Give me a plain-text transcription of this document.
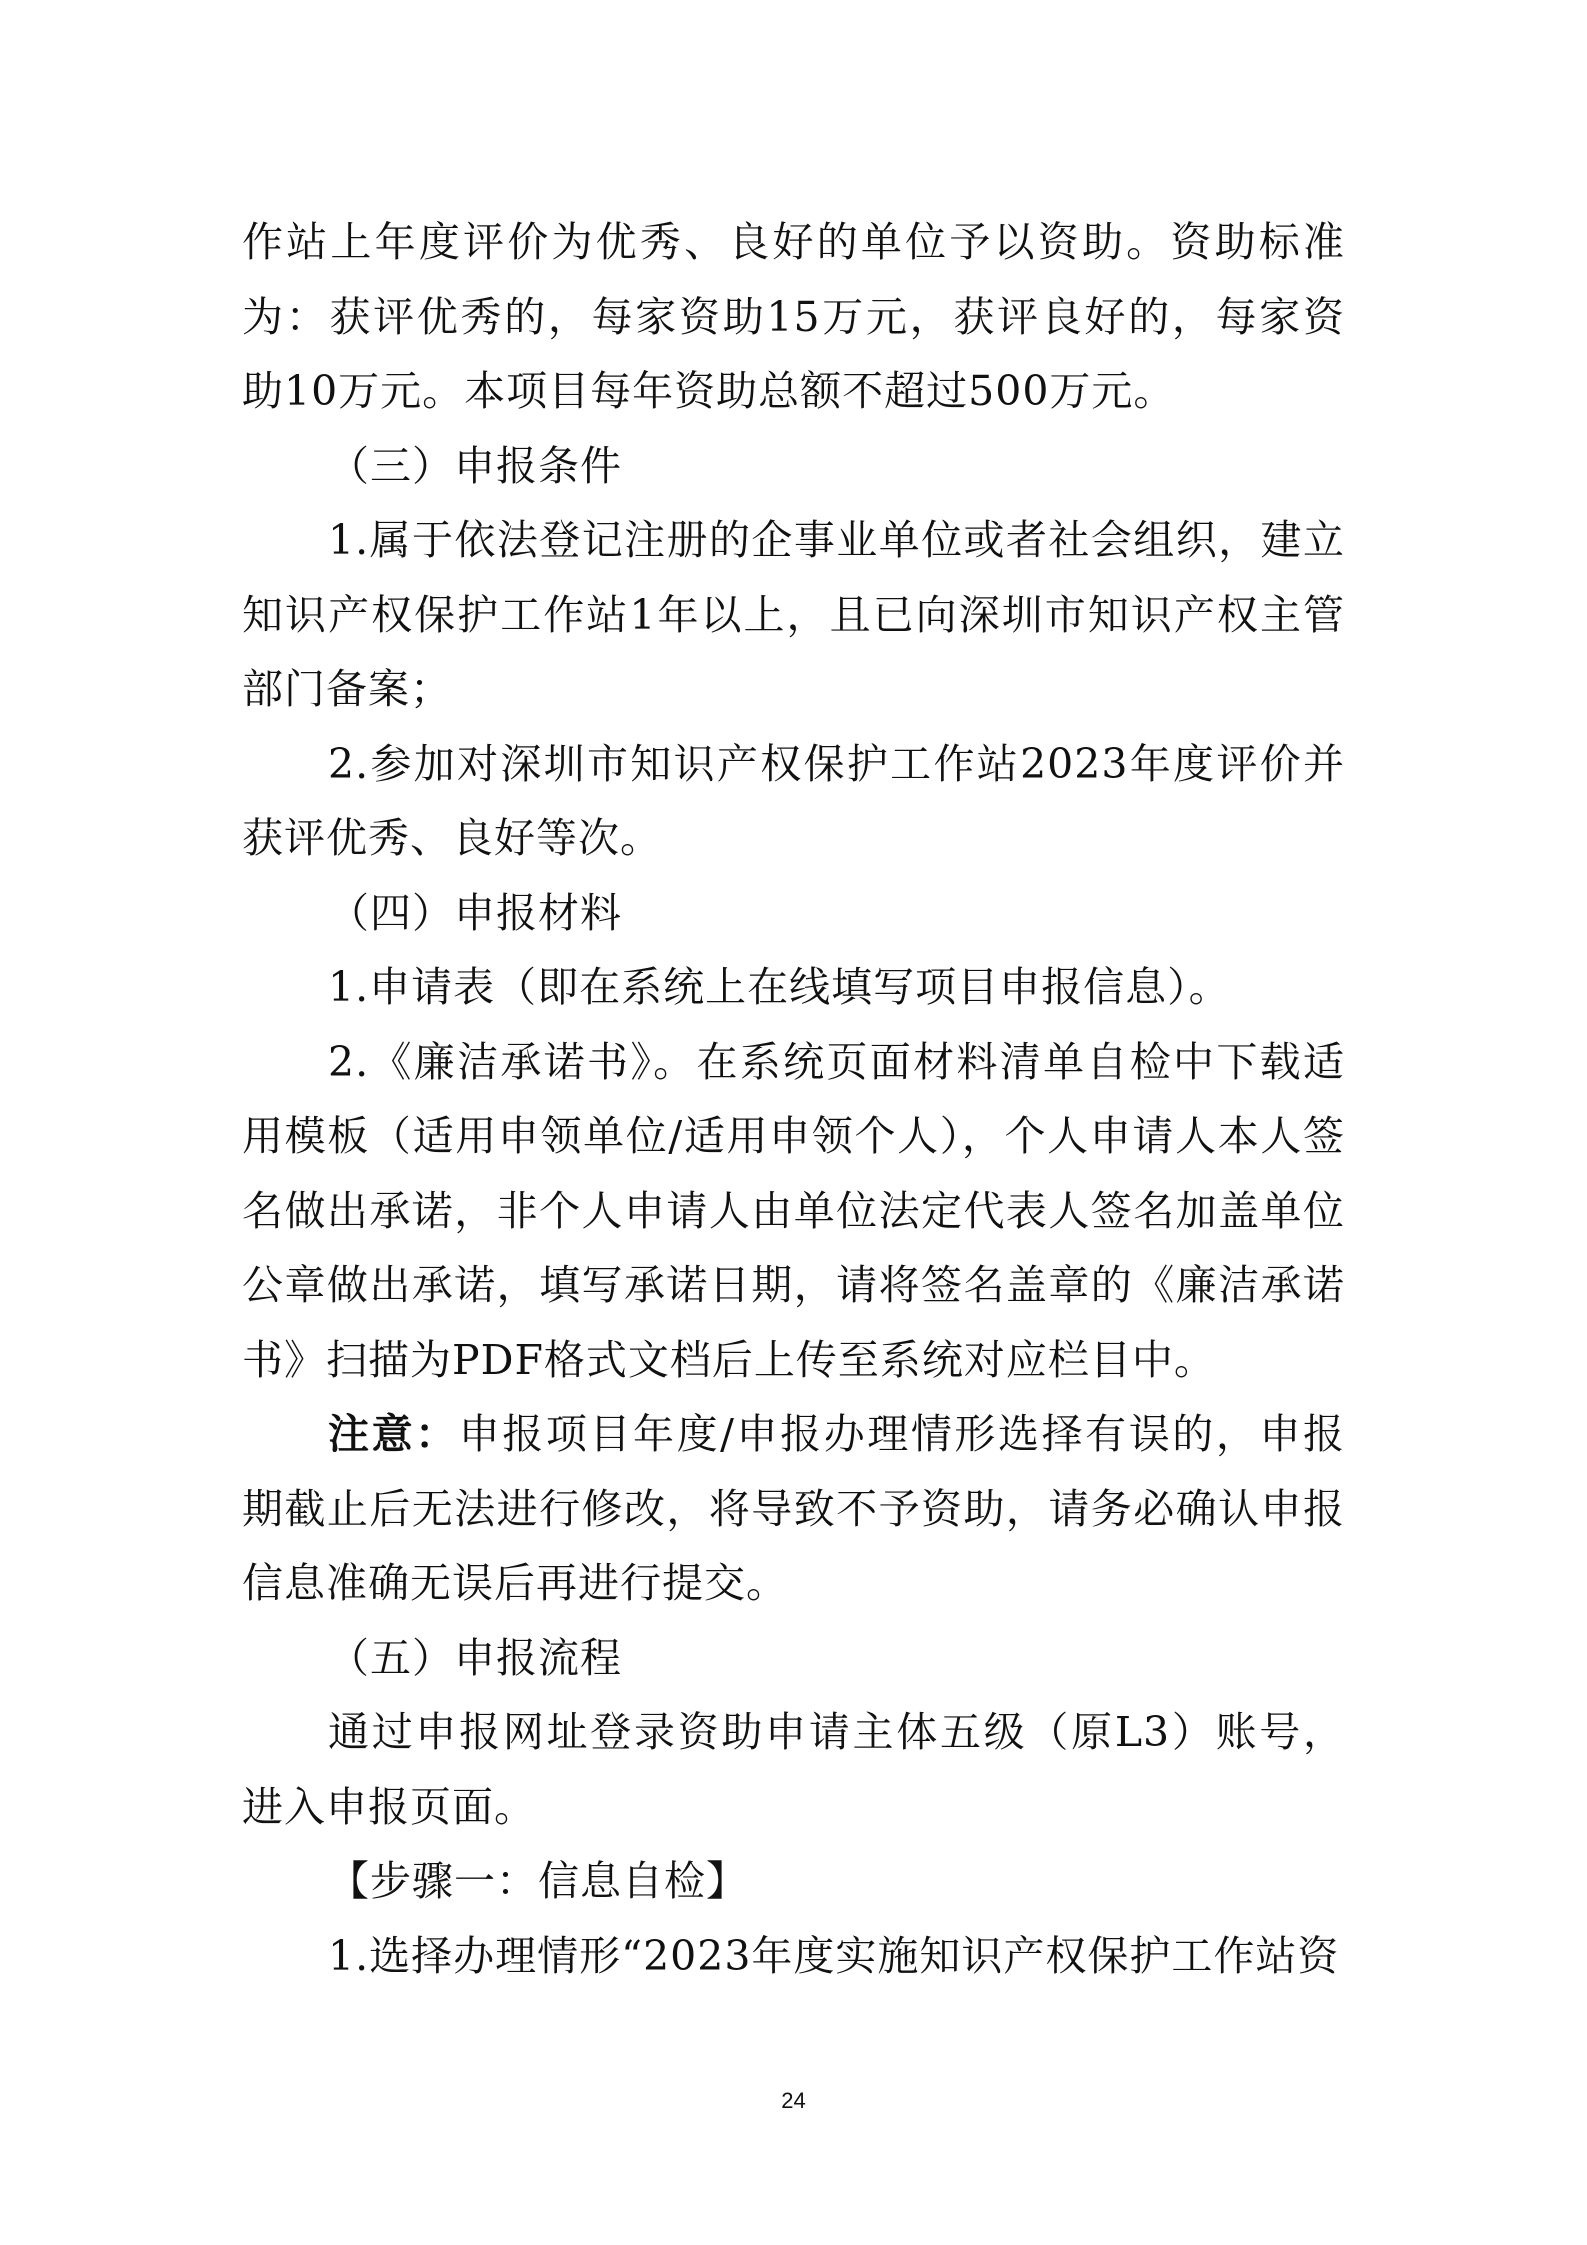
作站上年度评价为优秀、良好的单位予以资助。资助标准为：获评优秀的，每家资助15万元，获评良好的，每家资助10万元。本项目每年资助总额不超过500万元。

（三）申报条件

1.属于依法登记注册的企事业单位或者社会组织，建立知识产权保护工作站1年以上，且已向深圳市知识产权主管部门备案；

2.参加对深圳市知识产权保护工作站2023年度评价并获评优秀、良好等次。

（四）申报材料

1.申请表（即在系统上在线填写项目申报信息）。

2.《廉洁承诺书》。在系统页面材料清单自检中下载适用模板（适用申领单位/适用申领个人），个人申请人本人签名做出承诺，非个人申请人由单位法定代表人签名加盖单位公章做出承诺，填写承诺日期，请将签名盖章的《廉洁承诺书》扫描为PDF格式文档后上传至系统对应栏目中。

注意：申报项目年度/申报办理情形选择有误的，申报期截止后无法进行修改，将导致不予资助，请务必确认申报信息准确无误后再进行提交。

（五）申报流程

通过申报网址登录资助申请主体五级（原L3）账号，进入申报页面。

【步骤一：信息自检】

1.选择办理情形“2023年度实施知识产权保护工作站资

24
